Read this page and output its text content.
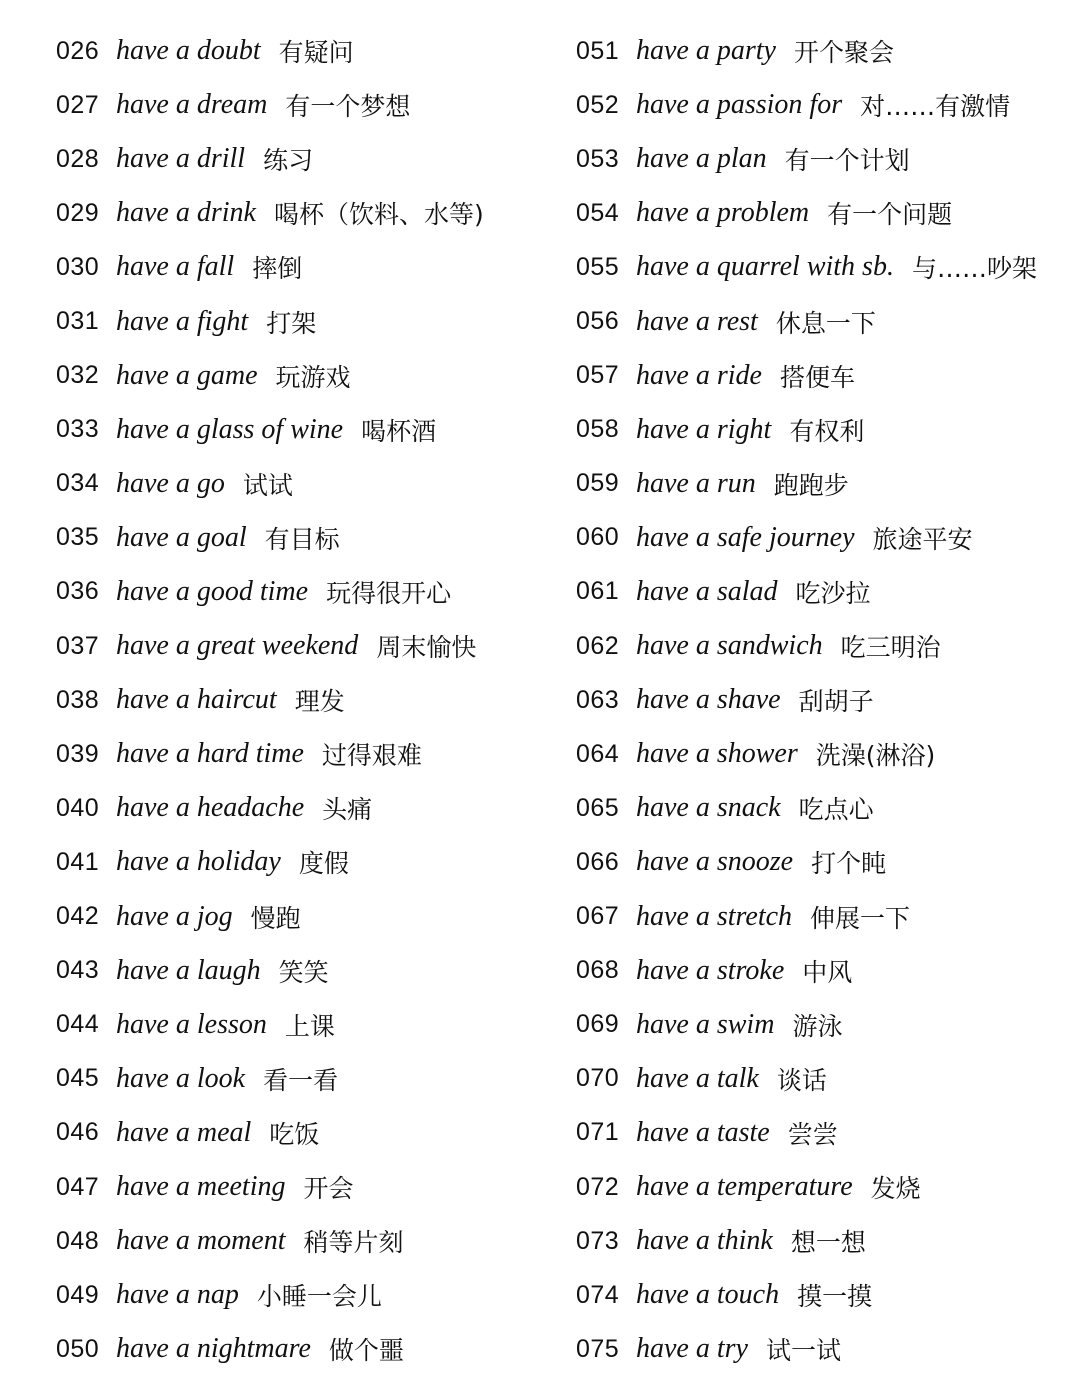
026 have a doubt 有疑问
027 have a dream 有一个梦想
028 have a drill 练习
029 have a drink 喝杯（饮料、水等)
030 have a fall 摔倒
031 have a fight 打架
032 have a game 玩游戏
033 have a glass of wine 喝杯酒
034 have a go 试试
035 have a goal 有目标
036 have a good time 玩得很开心
037 have a great weekend 周末愉快
038 have a haircut 理发
039 have a hard time 过得艰难
040 have a headache 头痛
041 have a holiday 度假
042 have a jog 慢跑
043 have a laugh 笑笑
044 have a lesson 上课
045 have a look 看一看
046 have a meal 吃饭
047 have a meeting 开会
048 have a moment 稍等片刻
049 have a nap 小睡一会儿
050 have a nightmare 做个噩
051 have a party 开个聚会
052 have a passion for 对……有激情
053 have a plan 有一个计划
054 have a problem 有一个问题
055 have a quarrel with sb. 与……吵架
056 have a rest 休息一下
057 have a ride 搭便车
058 have a right 有权利
059 have a run 跑跑步
060 have a safe journey 旅途平安
061 have a salad 吃沙拉
062 have a sandwich 吃三明治
063 have a shave 刮胡子
064 have a shower 洗澡(淋浴)
065 have a snack 吃点心
066 have a snooze 打个盹
067 have a stretch 伸展一下
068 have a stroke 中风
069 have a swim 游泳
070 have a talk 谈话
071 have a taste 尝尝
072 have a temperature 发烧
073 have a think 想一想
074 have a touch 摸一摸
075 have a try 试一试
